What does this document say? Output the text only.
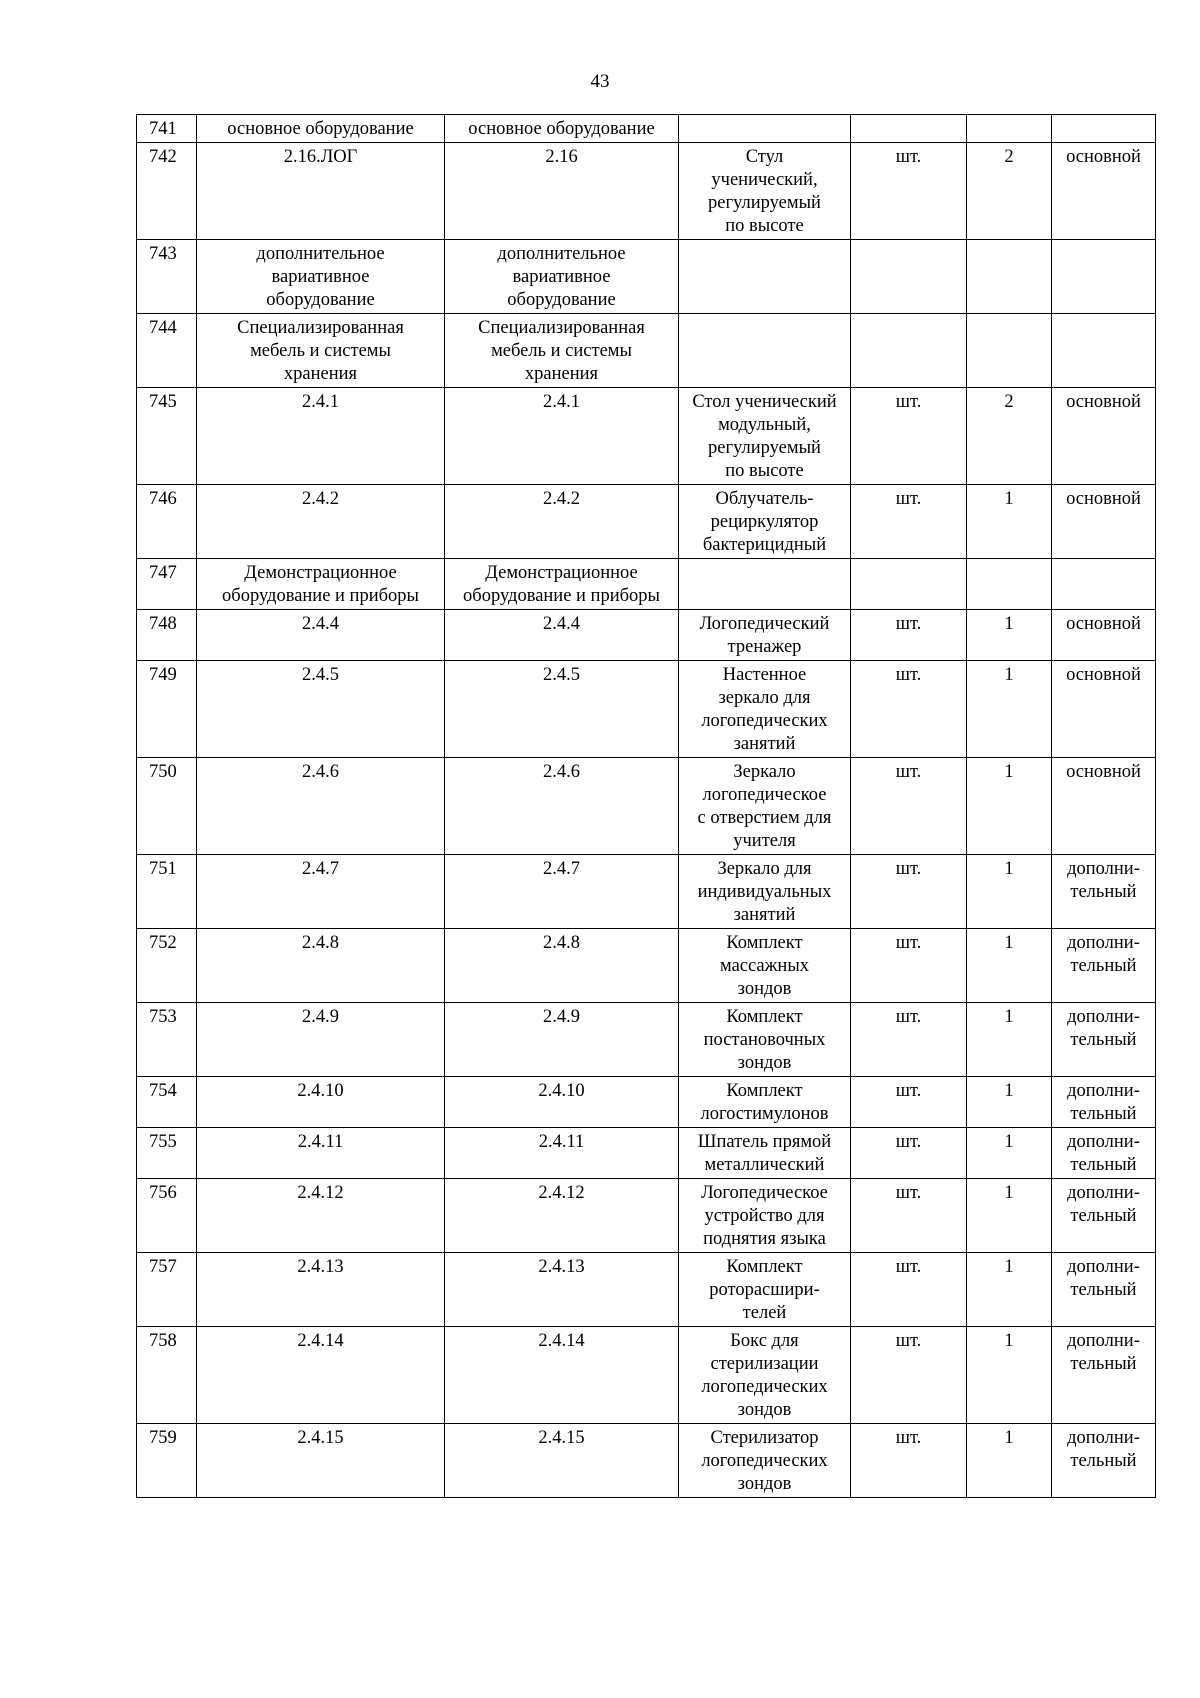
43
741	основное оборудование	основное оборудование				

742	2.16.ЛОГ	2.16	Стул
ученический,
регулируемый
по высоте	шт.	2	основной

743	дополнительное
вариативное
оборудование	дополнительное
вариативное
оборудование				

744	Специализированная
мебель и системы
хранения	Специализированная
мебель и системы
хранения				

745	2.4.1	2.4.1	Стол ученический
модульный,
регулируемый
по высоте	шт.	2	основной

746	2.4.2	2.4.2	Облучатель-
рециркулятор
бактерицидный	шт.	1	основной

747	Демонстрационное
оборудование и приборы	Демонстрационное
оборудование и приборы				

748	2.4.4	2.4.4	Логопедический
тренажер	шт.	1	основной

749	2.4.5	2.4.5	Настенное
зеркало для
логопедических
занятий	шт.	1	основной

750	2.4.6	2.4.6	Зеркало
логопедическое
с отверстием для
учителя	шт.	1	основной

751	2.4.7	2.4.7	Зеркало для
индивидуальных
занятий	шт.	1	дополни-
тельный

752	2.4.8	2.4.8	Комплект
массажных
зондов	шт.	1	дополни-
тельный

753	2.4.9	2.4.9	Комплект
постановочных
зондов	шт.	1	дополни-
тельный

754	2.4.10	2.4.10	Комплект
логостимулонов	шт.	1	дополни-
тельный

755	2.4.11	2.4.11	Шпатель прямой
металлический	шт.	1	дополни-
тельный

756	2.4.12	2.4.12	Логопедическое
устройство для
поднятия языка	шт.	1	дополни-
тельный

757	2.4.13	2.4.13	Комплект
роторасшири-
телей	шт.	1	дополни-
тельный

758	2.4.14	2.4.14	Бокс для
стерилизации
логопедических
зондов	шт.	1	дополни-
тельный

759	2.4.15	2.4.15	Стерилизатор
логопедических
зондов	шт.	1	дополни-
тельный
